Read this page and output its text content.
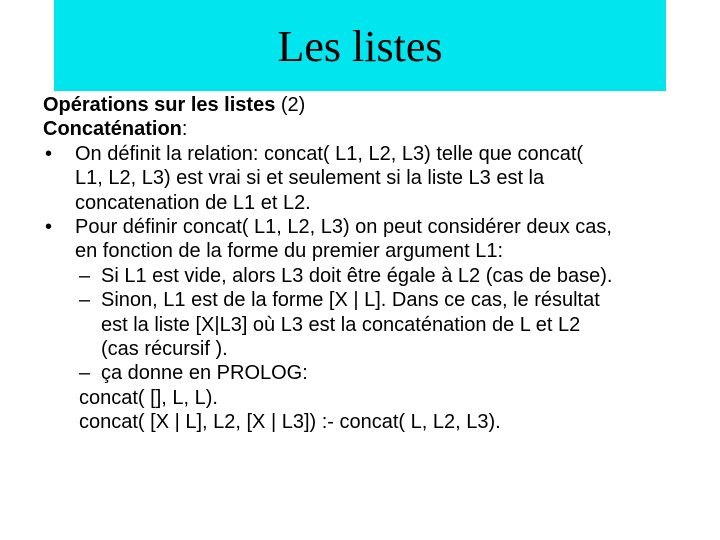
Les listes
Opérations sur les listes (2)
Concaténation:
•	On définit la relation: concat( L1, L2, L3) telle que concat(
L1, L2, L3) est vrai si et seulement si la liste L3 est la
concatenation de L1 et L2.
•	Pour définir concat( L1, L2, L3) on peut considérer deux cas,
en fonction de la forme du premier argument L1:
– Si L1 est vide, alors L3 doit être égale à L2 (cas de base).
– Sinon, L1 est de la forme [X | L]. Dans ce cas, le résultat
est la liste [X|L3] où L3 est la concaténation de L et L2
(cas récursif ).
– ça donne en PROLOG:
concat( [], L, L).
concat( [X | L], L2, [X | L3]) :- concat( L, L2, L3).
